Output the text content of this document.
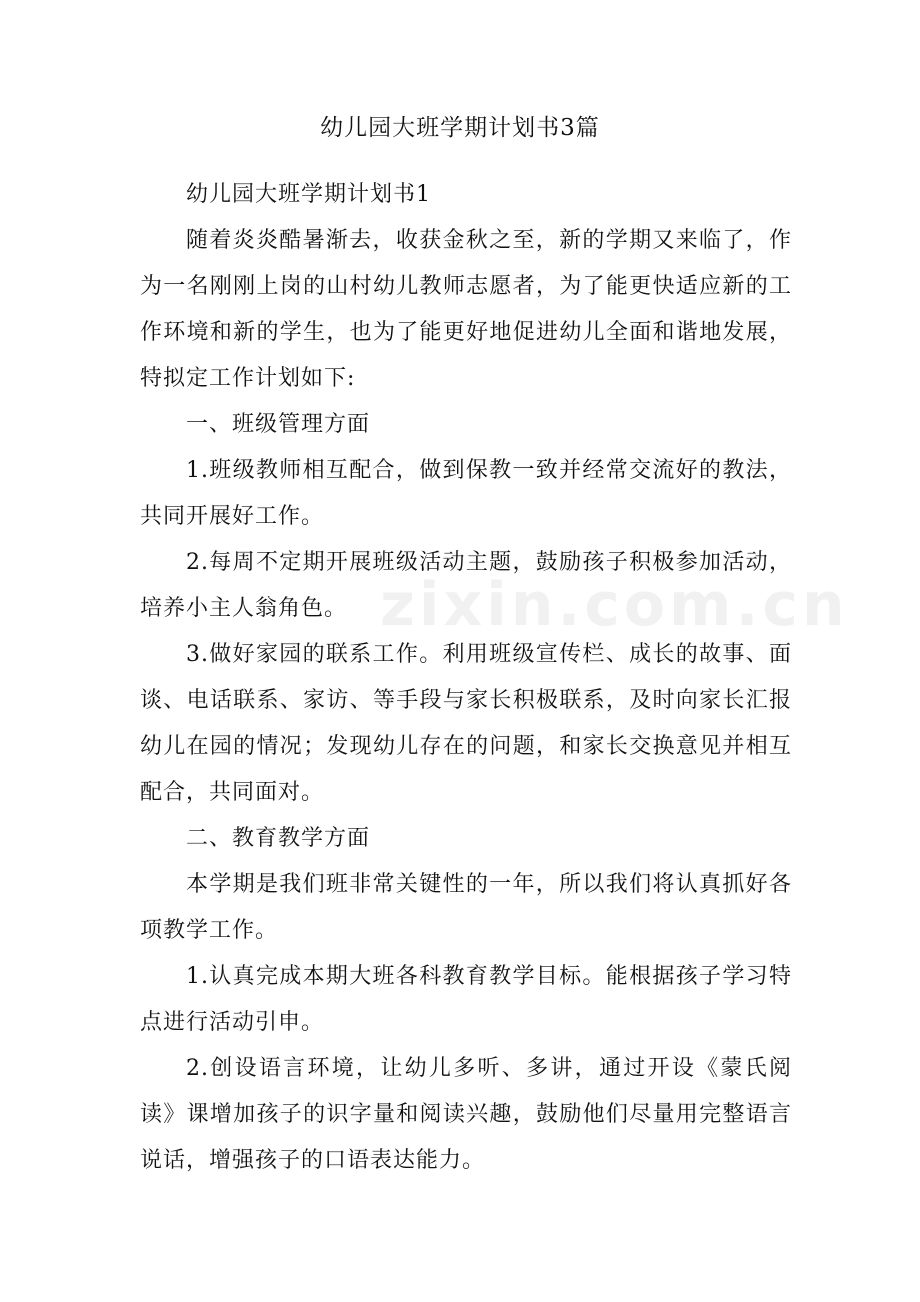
幼儿园大班学期计划书3篇
zixin.com.cn

幼儿园大班学期计划书1

随着炎炎酷暑渐去，收获金秋之至，新的学期又来临了，作为一名刚刚上岗的山村幼儿教师志愿者，为了能更快适应新的工作环境和新的学生，也为了能更好地促进幼儿全面和谐地发展，特拟定工作计划如下:

一、班级管理方面

1.班级教师相互配合，做到保教一致并经常交流好的教法，共同开展好工作。

2.每周不定期开展班级活动主题，鼓励孩子积极参加活动，培养小主人翁角色。

3.做好家园的联系工作。利用班级宣传栏、成长的故事、面谈、电话联系、家访、等手段与家长积极联系，及时向家长汇报幼儿在园的情况；发现幼儿存在的问题，和家长交换意见并相互配合，共同面对。

二、教育教学方面

本学期是我们班非常关键性的一年，所以我们将认真抓好各项教学工作。

1.认真完成本期大班各科教育教学目标。能根据孩子学习特点进行活动引申。

2.创设语言环境，让幼儿多听、多讲，通过开设《蒙氏阅读》课增加孩子的识字量和阅读兴趣，鼓励他们尽量用完整语言说话，增强孩子的口语表达能力。
